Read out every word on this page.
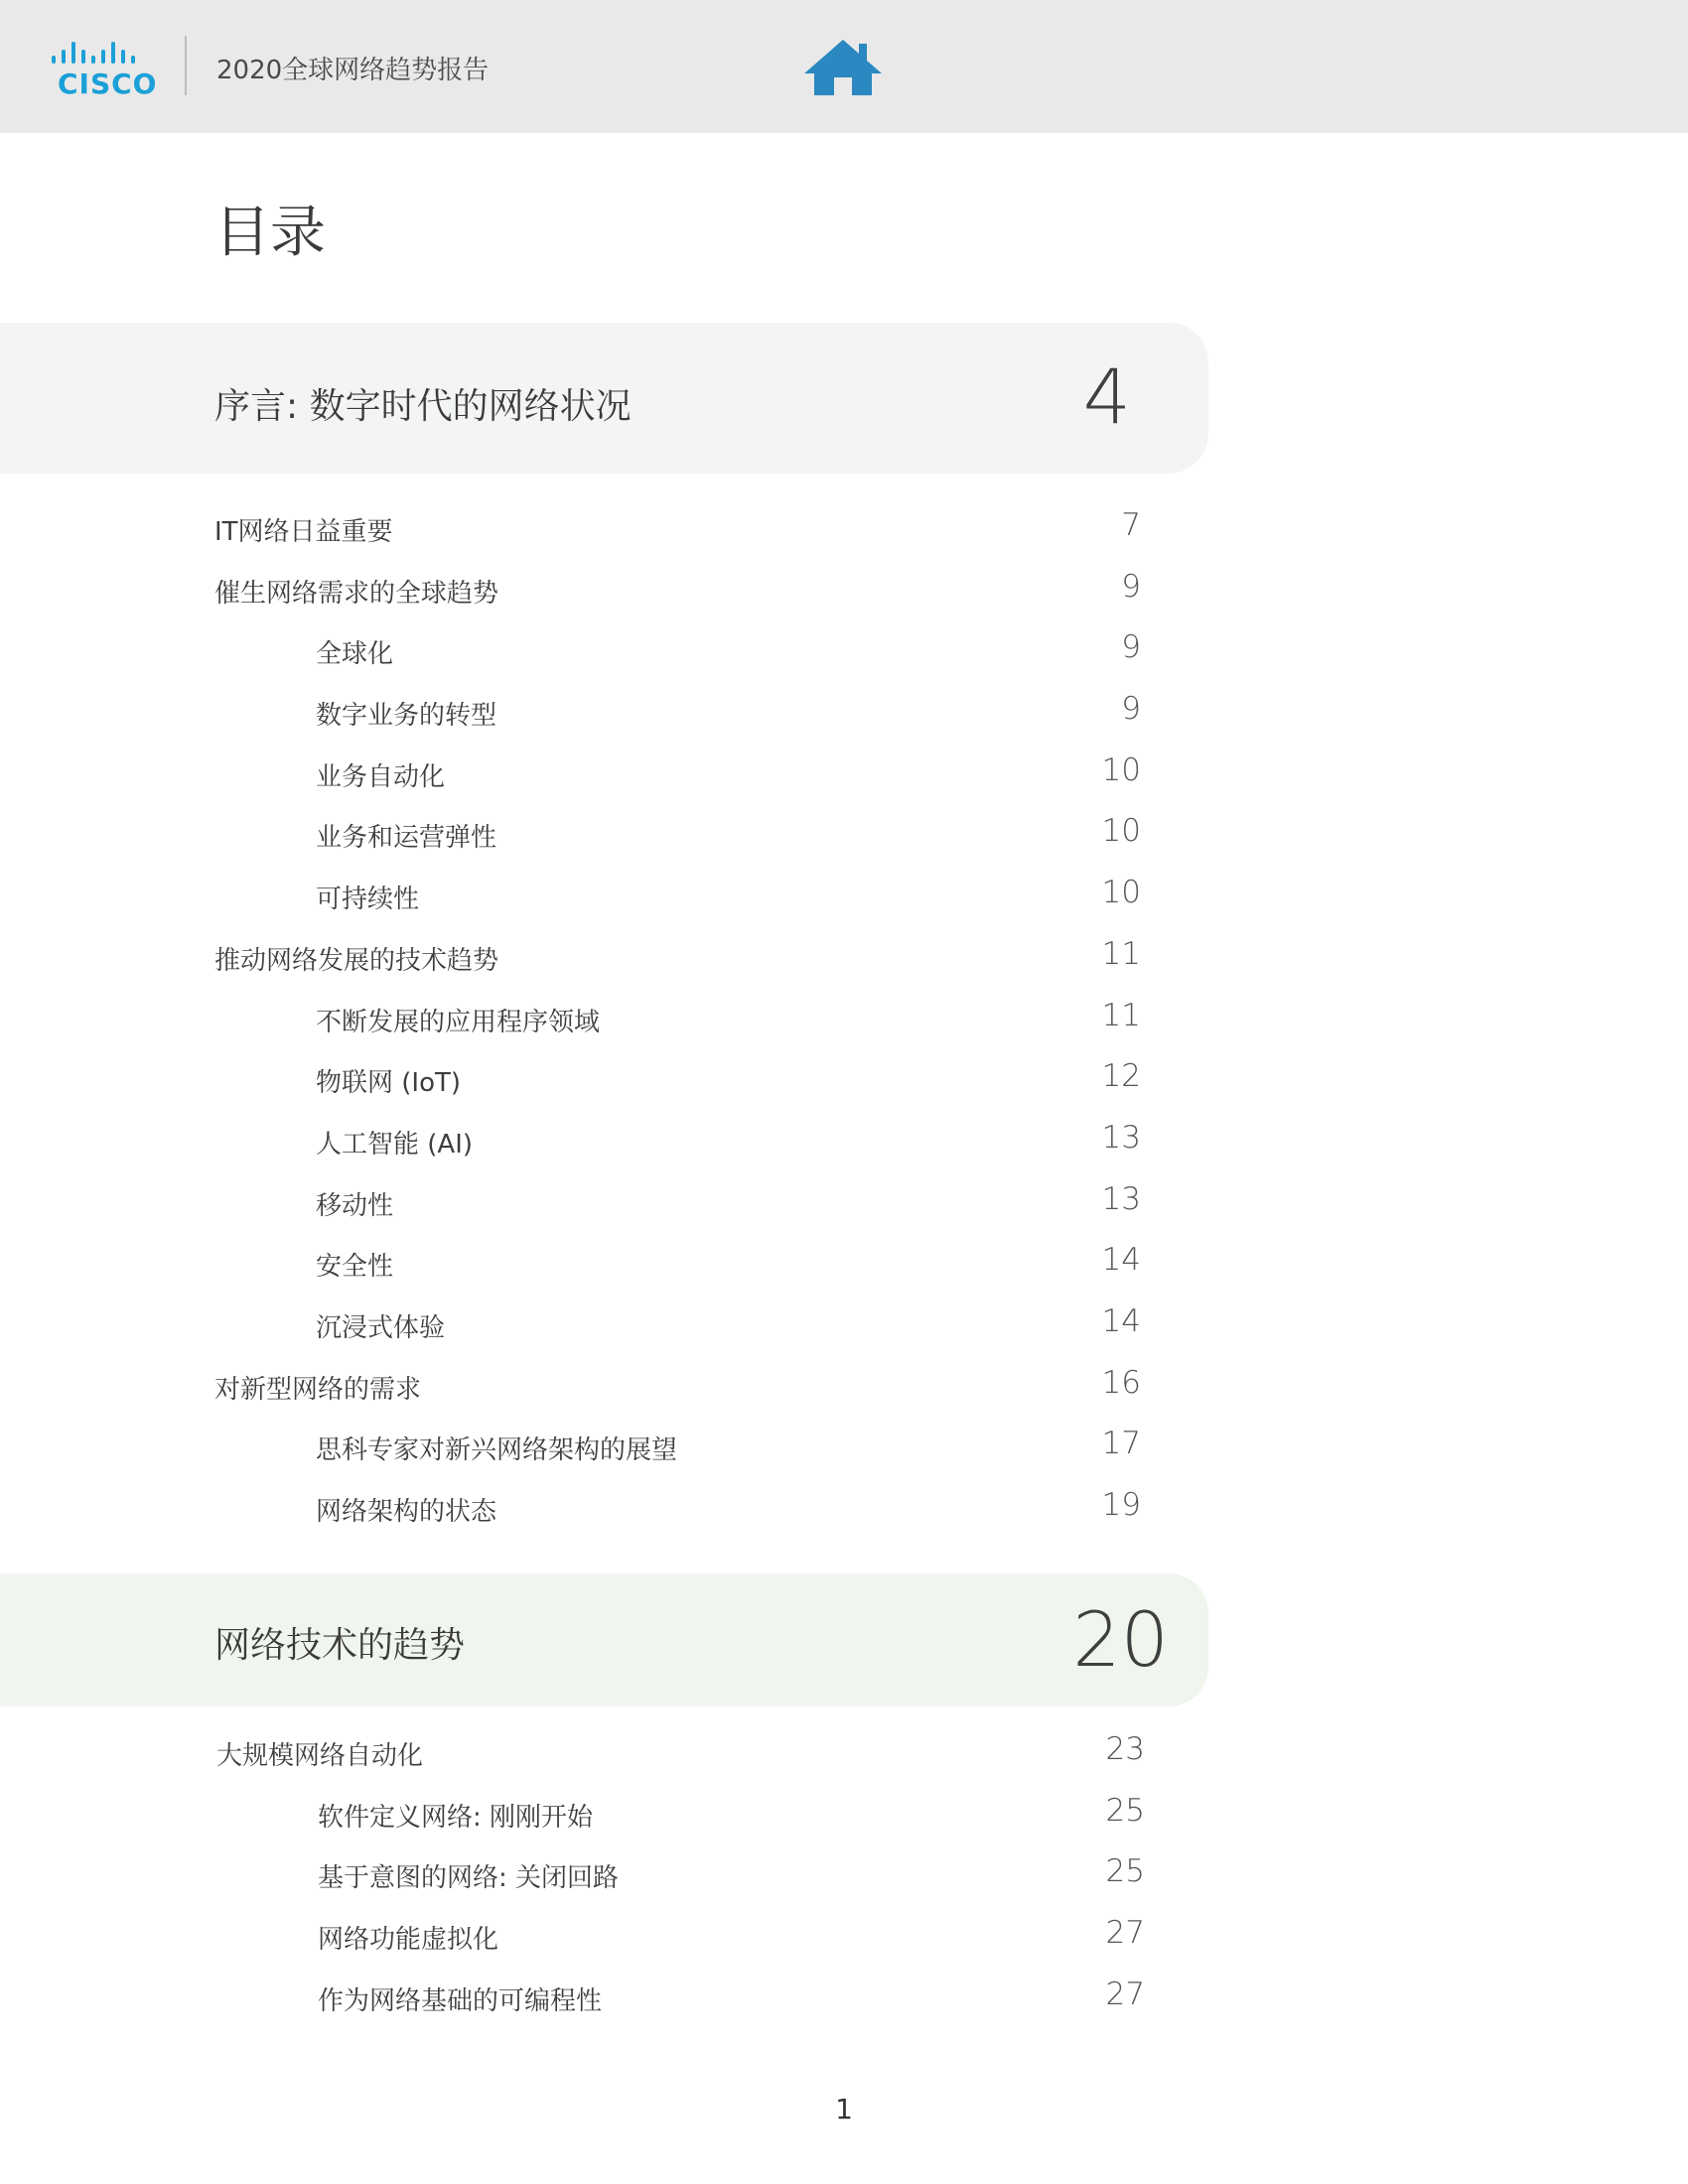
CISCO 2020全球网络趋势报告
目录
序言: 数字时代的网络状况	4
IT网络日益重要	7
催生网络需求的全球趋势	9
全球化	9
数字业务的转型	9
业务自动化	10
业务和运营弹性	10
可持续性	10
推动网络发展的技术趋势	11
不断发展的应用程序领域	11
物联网 (IoT)	12
人工智能 (AI)	13
移动性	13
安全性	14
沉浸式体验	14
对新型网络的需求	16
思科专家对新兴网络架构的展望	17
网络架构的状态	19
网络技术的趋势	20
大规模网络自动化	23
软件定义网络: 刚刚开始	25
基于意图的网络: 关闭回路	25
网络功能虚拟化	27
作为网络基础的可编程性	27
1
